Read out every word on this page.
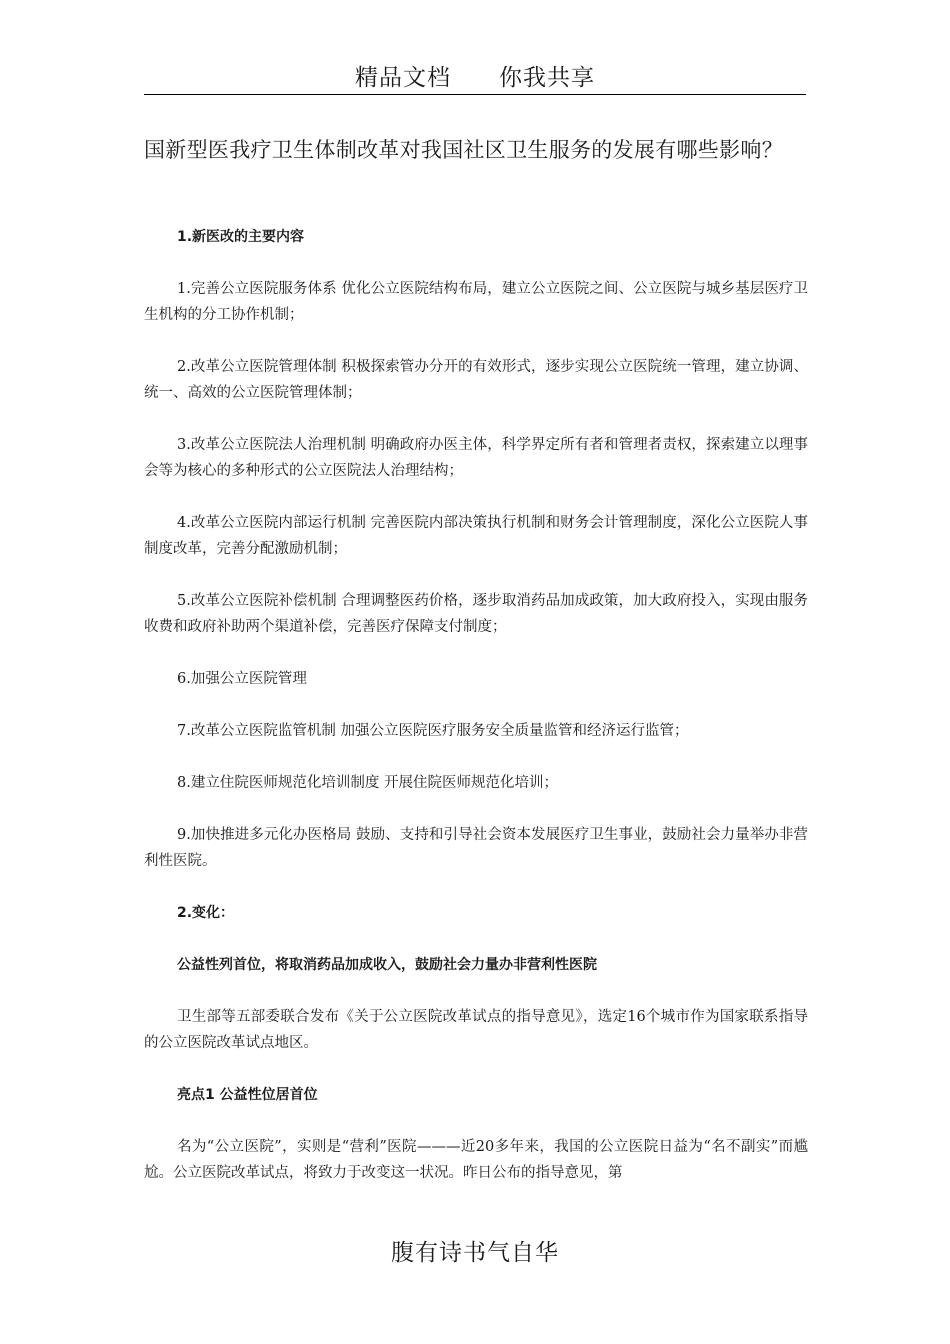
精品文档 你我共享
国新型医我疗卫生体制改革对我国社区卫生服务的发展有哪些影响？

1.新医改的主要内容

1.完善公立医院服务体系 优化公立医院结构布局，建立公立医院之间、公立医院与城乡基层医疗卫生机构的分工协作机制；

2.改革公立医院管理体制 积极探索管办分开的有效形式，逐步实现公立医院统一管理，建立协调、统一、高效的公立医院管理体制；

3.改革公立医院法人治理机制 明确政府办医主体，科学界定所有者和管理者责权，探索建立以理事会等为核心的多种形式的公立医院法人治理结构；

4.改革公立医院内部运行机制 完善医院内部决策执行机制和财务会计管理制度，深化公立医院人事制度改革，完善分配激励机制；

5.改革公立医院补偿机制 合理调整医药价格，逐步取消药品加成政策，加大政府投入，实现由服务收费和政府补助两个渠道补偿，完善医疗保障支付制度；

6.加强公立医院管理

7.改革公立医院监管机制 加强公立医院医疗服务安全质量监管和经济运行监管；

8.建立住院医师规范化培训制度 开展住院医师规范化培训；

9.加快推进多元化办医格局 鼓励、支持和引导社会资本发展医疗卫生事业，鼓励社会力量举办非营利性医院。

2.变化：

公益性列首位，将取消药品加成收入，鼓励社会力量办非营利性医院

卫生部等五部委联合发布《关于公立医院改革试点的指导意见》，选定16个城市作为国家联系指导的公立医院改革试点地区。

亮点1 公益性位居首位

名为“公立医院”，实则是“营利”医院———近20多年来，我国的公立医院日益为“名不副实”而尴尬。公立医院改革试点，将致力于改变这一状况。昨日公布的指导意见，第

腹有诗书气自华
